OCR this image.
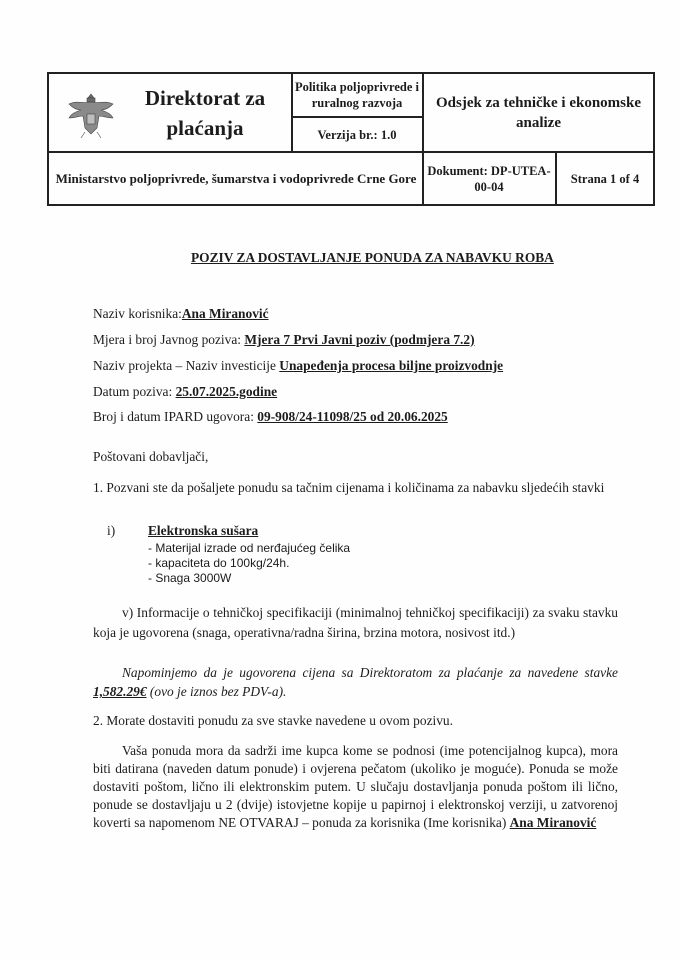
Direktorat za plaćanja
Politika poljoprivrede i ruralnog razvoja
Verzija br.: 1.0
Odsjek za tehničke i ekonomske analize
Ministarstvo poljoprivrede, šumarstva i vodoprivrede Crne Gore Dokument: DP-UTEA-00-04
Strana 1 of 4
POZIV ZA DOSTAVLJANJE PONUDA ZA NABAVKU ROBA
Naziv korisnika:Ana Miranović
Mjera i broj Javnog poziva: Mjera 7 Prvi Javni poziv (podmjera 7.2)
Naziv projekta – Naziv investicije Unapeđenja procesa biljne proizvodnje
Datum poziva: 25.07.2025.godine
Broj i datum IPARD ugovora: 09-908/24-11098/25 od 20.06.2025
Poštovani dobavljači,
1. Pozvani ste da pošaljete ponudu sa tačnim cijenama i količinama za nabavku sljedećih stavki
i) Elektronska sušara
- Materijal izrade od nerđajućeg čelika
- kapaciteta do 100kg/24h.
- Snaga 3000W
v) Informacije o tehničkoj specifikaciji (minimalnoj tehničkoj specifikaciji) za svaku stavku
koja je ugovorena (snaga, operativna/radna širina, brzina motora, nosivost itd.)
Napominjemo da je ugovorena cijena sa Direktoratom za plaćanje za navedene stavke
1,582.29€ (ovo je iznos bez PDV-a).
2. Morate dostaviti ponudu za sve stavke navedene u ovom pozivu.
Vaša ponuda mora da sadrži ime kupca kome se podnosi (ime potencijalnog kupca), mora
biti datirana (naveden datum ponude) i ovjerena pečatom (ukoliko je moguće). Ponuda se može
dostaviti poštom, lično ili elektronskim putem. U slučaju dostavljanja ponuda poštom ili lično,
ponude se dostavljaju u 2 (dvije) istovjetne kopije u papirnoj i elektronskoj verziji, u zatvorenoj
koverti sa napomenom NE OTVARAJ – ponuda za korisnika (Ime korisnika) Ana Miranović
